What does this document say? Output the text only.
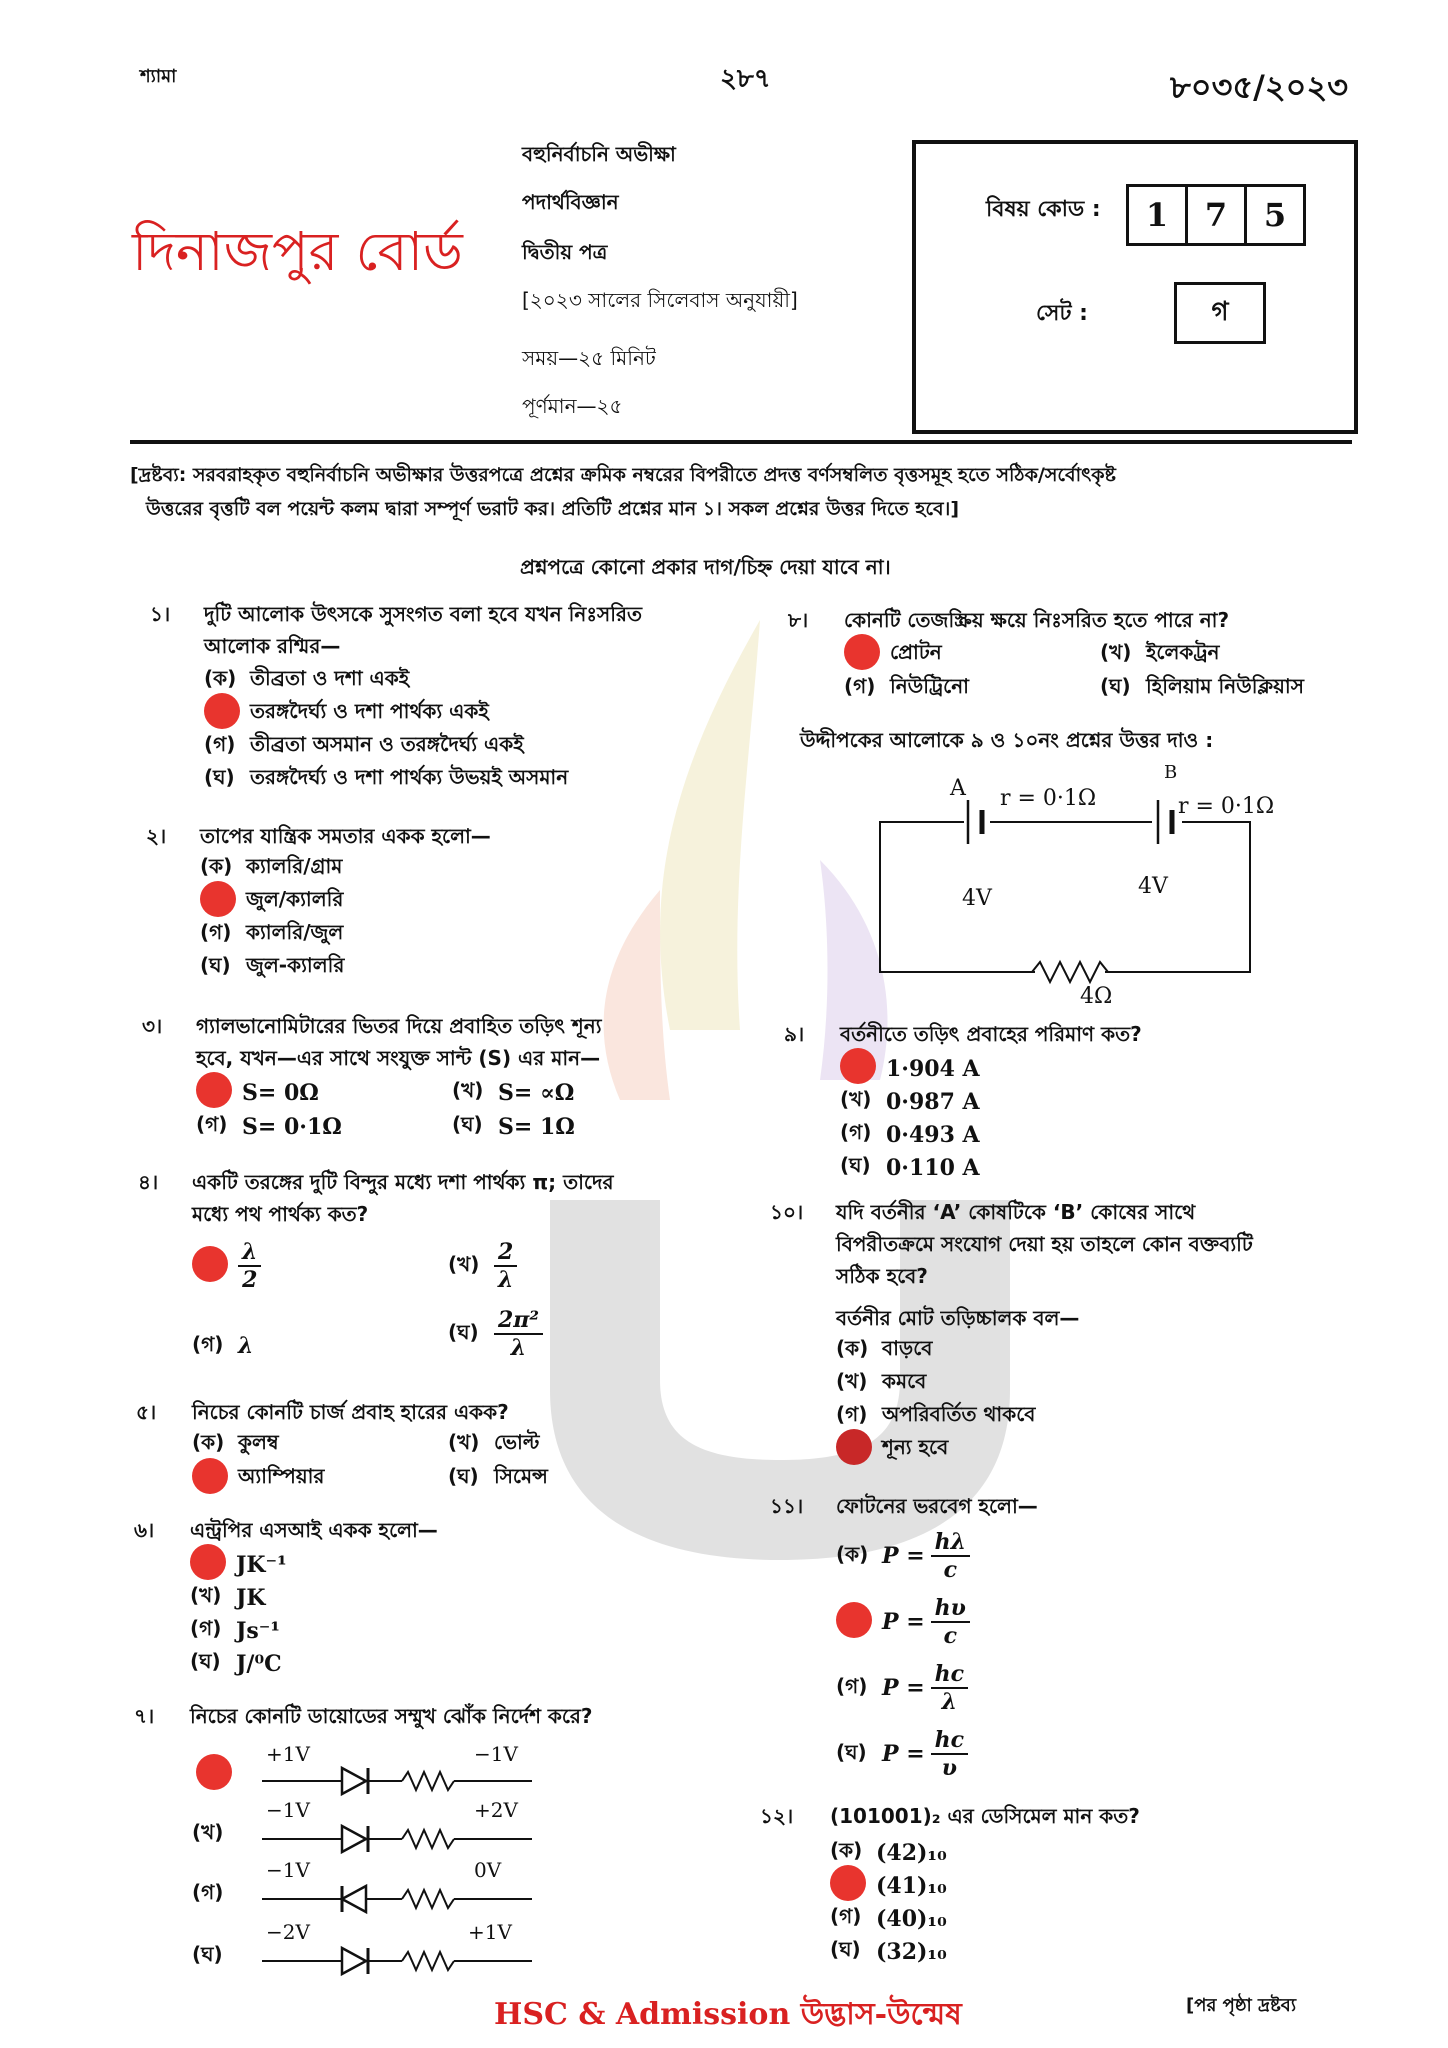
শ্যামা	২৮৭	৮০৩৫/২০২৩
দিনাজপুর বোর্ড
বহুনির্বাচনি অভীক্ষা
পদার্থবিজ্ঞান
দ্বিতীয় পত্র
[২০২৩ সালের সিলেবাস অনুযায়ী]
সময়—২৫ মিনিট
পূর্ণমান—২৫
বিষয় কোড :	1	7	5
সেট :	গ
[দ্রষ্টব্য: সরবরাহকৃত বহুনির্বাচনি অভীক্ষার উত্তরপত্রে প্রশ্নের ক্রমিক নম্বরের বিপরীতে প্রদত্ত বর্ণসম্বলিত বৃত্তসমূহ হতে সঠিক/সর্বোৎকৃষ্ট
উত্তরের বৃত্তটি বল পয়েন্ট কলম দ্বারা সম্পূর্ণ ভরাট কর। প্রতিটি প্রশ্নের মান ১। সকল প্রশ্নের উত্তর দিতে হবে।]
প্রশ্নপত্রে কোনো প্রকার দাগ/চিহ্ন দেয়া যাবে না।
১। দুটি আলোক উৎসকে সুসংগত বলা হবে যখন নিঃসরিত
আলোক রশ্মির—
(ক) তীব্রতা ও দশা একই
তরঙ্গদৈর্ঘ্য ও দশা পার্থক্য একই
(গ) তীব্রতা অসমান ও তরঙ্গদৈর্ঘ্য একই
(ঘ) তরঙ্গদৈর্ঘ্য ও দশা পার্থক্য উভয়ই অসমান
২। তাপের যান্ত্রিক সমতার একক হলো—
(ক) ক্যালরি/গ্রাম
জুল/ক্যালরি
(গ) ক্যালরি/জুল
(ঘ) জুল-ক্যালরি
৩। গ্যালভানোমিটারের ভিতর দিয়ে প্রবাহিত তড়িৎ শূন্য
হবে, যখন—এর সাথে সংযুক্ত সান্ট (S) এর মান—
S= 0Ω	(খ) S= ∝Ω
(গ) S= 0·1Ω	(ঘ) S= 1Ω
৪। একটি তরঙ্গের দুটি বিন্দুর মধ্যে দশা পার্থক্য π; তাদের
মধ্যে পথ পার্থক্য কত?
$\frac{\lambda}{2}$	(খ) $\frac{2}{\lambda}$
(গ) λ
(ঘ) $\frac{\text{2π²}}{\lambda}$
৫। নিচের কোনটি চার্জ প্রবাহ হারের একক?
(ক) কুলম্ব	(খ) ভোল্ট
অ্যাম্পিয়ার	(ঘ) সিমেন্স
৬। এন্ট্রপির এসআই একক হলো—
JK⁻¹
(খ) JK
(গ) Js⁻¹
(ঘ) J/⁰C
৭। নিচের কোনটি ডায়োডের সম্মুখ ঝোঁক নির্দেশ করে?
+1V	−1V
(খ)
−1V	+2V
(গ)
−1V	0V
(ঘ)
−2V	+1V
৮। কোনটি তেজস্ক্রিয় ক্ষয়ে নিঃসরিত হতে পারে না?
প্রোটন	(খ) ইলেকট্রন
(গ) নিউট্রিনো	(ঘ) হিলিয়াম নিউক্লিয়াস
উদ্দীপকের আলোকে ৯ ও ১০নং প্রশ্নের উত্তর দাও :
A
B
r = 0·1Ω	r = 0·1Ω
4V	4V
4Ω
৯। বর্তনীতে তড়িৎ প্রবাহের পরিমাণ কত?
1·904 A
(খ) 0·987 A
(গ) 0·493 A
(ঘ) 0·110 A
১০। যদি বর্তনীর ‘A’ কোষটিকে ‘B’ কোষের সাথে
বিপরীতক্রমে সংযোগ দেয়া হয় তাহলে কোন বক্তব্যটি
সঠিক হবে?
বর্তনীর মোট তড়িচ্চালক বল—
(ক) বাড়বে
(খ) কমবে
(গ) অপরিবর্তিত থাকবে
শূন্য হবে
১১। ফোটনের ভরবেগ হলো—
(ক) $P = \frac{h\lambda}{c}$
$P = \frac{h\upsilon}{c}$
(গ) $P = \frac{hc}{\lambda}$
(ঘ) $P = \frac{hc}{\upsilon}$
১২। (101001)₂ এর ডেসিমেল মান কত?
(ক) (42)₁₀
(41)₁₀
(গ) (40)₁₀
(ঘ) (32)₁₀
HSC & Admission উদ্ভাস-উন্মেষ	[পর পৃষ্ঠা দ্রষ্টব্য
